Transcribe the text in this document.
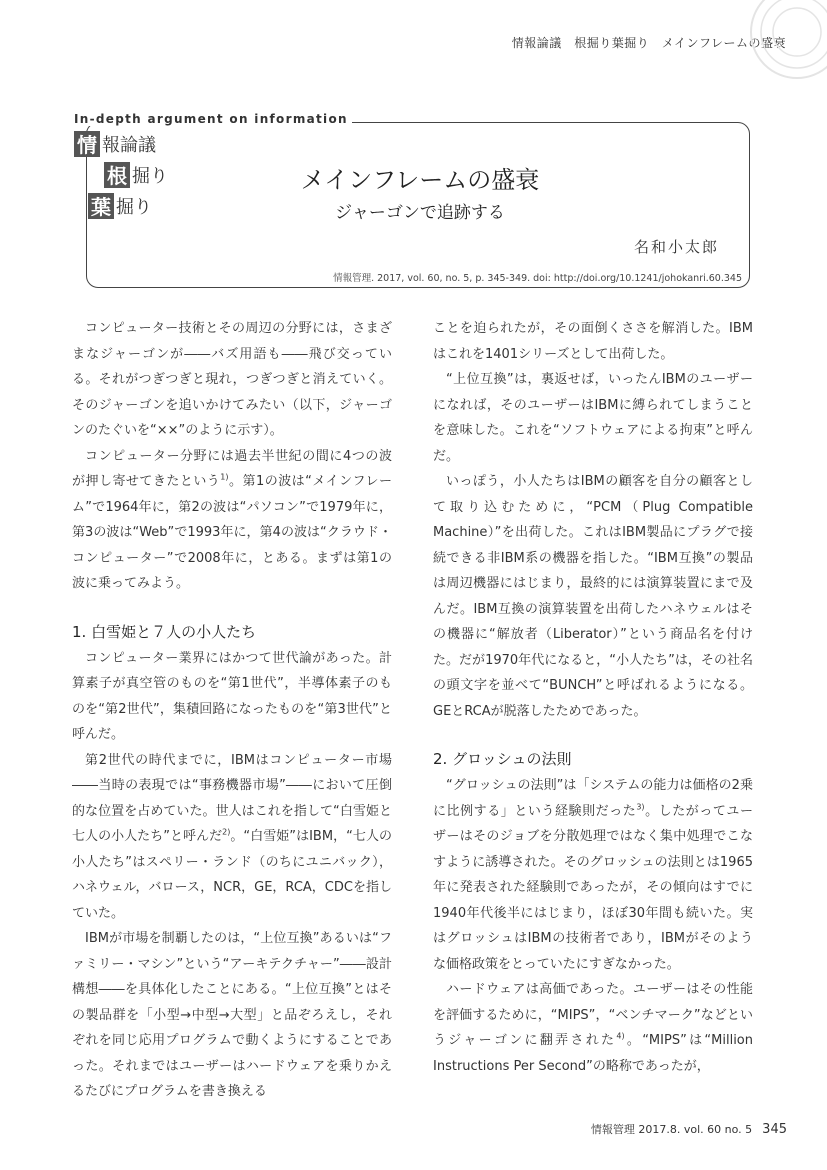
情報論議　根掘り葉掘り　メインフレームの盛衰
In-depth argument on information
情 報論議
根 掘り
葉 掘り
メインフレームの盛衰
ジャーゴンで追跡する
名和小太郎
情報管理. 2017, vol. 60, no. 5, p. 345-349. doi: http://doi.org/10.1241/johokanri.60.345

コンピューター技術とその周辺の分野には，さまざまなジャーゴンが――バズ用語も――飛び交っている。それがつぎつぎと現れ，つぎつぎと消えていく。そのジャーゴンを追いかけてみたい（以下，ジャーゴンのたぐいを“××”のように示す）。

コンピューター分野には過去半世紀の間に4つの波が押し寄せてきたという$^{1)}$。第1の波は“メインフレーム”で1964年に，第2の波は“パソコン”で1979年に，第3の波は“Web”で1993年に，第4の波は“クラウド・コンピューター”で2008年に，とある。まずは第1の波に乗ってみよう。

1. 白雪姫と７人の小人たち

コンピューター業界にはかつて世代論があった。計算素子が真空管のものを“第1世代”，半導体素子のものを“第2世代”，集積回路になったものを“第3世代”と呼んだ。

第2世代の時代までに，IBMはコンピューター市場――当時の表現では“事務機器市場”――において圧倒的な位置を占めていた。世人はこれを指して“白雪姫と七人の小人たち”と呼んだ$^{2)}$。“白雪姫”はIBM，“七人の小人たち”はスペリー・ランド（のちにユニバック），ハネウェル，バロース，NCR，GE，RCA，CDCを指していた。

IBMが市場を制覇したのは，“上位互換”あるいは“ファミリー・マシン”という“アーキテクチャー”――設計構想――を具体化したことにある。“上位互換”とはその製品群を「小型→中型→大型」と品ぞろえし，それぞれを同じ応用プログラムで動くようにすることであった。それまではユーザーはハードウェアを乗りかえるたびにプログラムを書き換える

ことを迫られたが，その面倒くささを解消した。IBMはこれを1401シリーズとして出荷した。

“上位互換”は，裏返せば，いったんIBMのユーザーになれば，そのユーザーはIBMに縛られてしまうことを意味した。これを“ソフトウェアによる拘束”と呼んだ。

いっぽう，小人たちはIBMの顧客を自分の顧客として取り込むために，“PCM（Plug Compatible Machine）”を出荷した。これはIBM製品にプラグで接続できる非IBM系の機器を指した。“IBM互換”の製品は周辺機器にはじまり，最終的には演算装置にまで及んだ。IBM互換の演算装置を出荷したハネウェルはその機器に“解放者（Liberator）”という商品名を付けた。だが1970年代になると，“小人たち”は，その社名の頭文字を並べて“BUNCH”と呼ばれるようになる。GEとRCAが脱落したためであった。

2. グロッシュの法則

“グロッシュの法則”は「システムの能力は価格の2乗に比例する」という経験則だった$^{3)}$。したがってユーザーはそのジョブを分散処理ではなく集中処理でこなすように誘導された。そのグロッシュの法則とは1965年に発表された経験則であったが，その傾向はすでに1940年代後半にはじまり，ほぼ30年間も続いた。実はグロッシュはIBMの技術者であり，IBMがそのような価格政策をとっていたにすぎなかった。

ハードウェアは高価であった。ユーザーはその性能を評価するために，“MIPS”，“ベンチマーク”などというジャーゴンに翻弄された$^{4)}$。“MIPS”は“Million Instructions Per Second”の略称であったが，

情報管理 2017.8. vol. 60 no. 5 345
